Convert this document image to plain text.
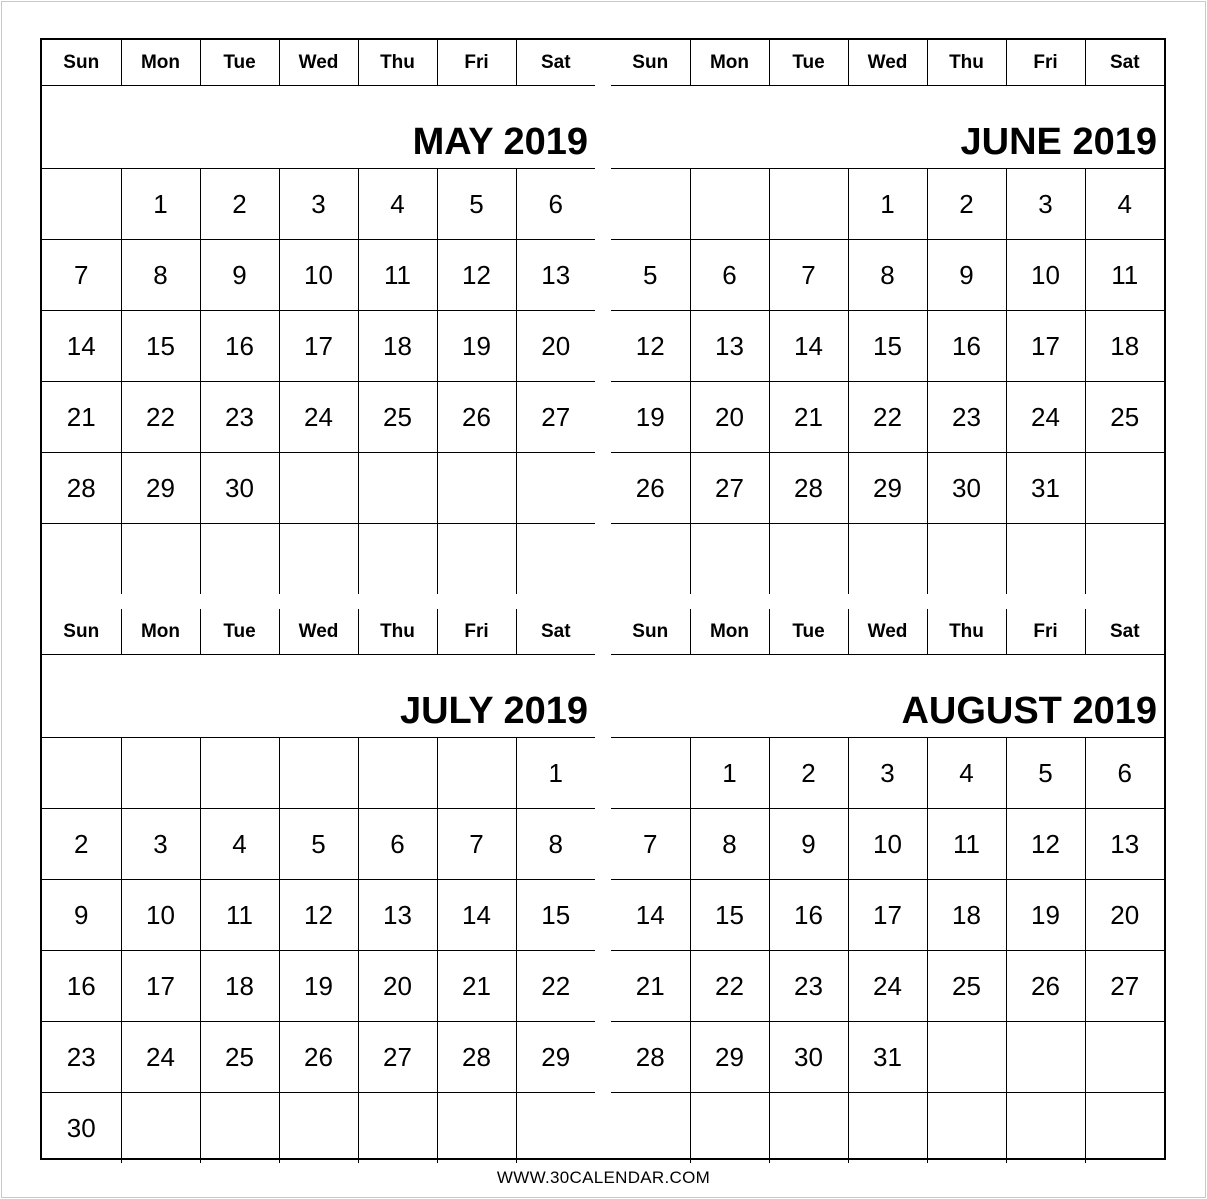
Sun	Mon	Tue	Wed	Thu	Fri	Sat
MAY 2019						
	1	2	3	4	5	6
7	8	9	10	11	12	13
14	15	16	17	18	19	20
21	22	23	24	25	26	27
28	29	30				

Sun	Mon	Tue	Wed	Thu	Fri	Sat
JUNE 2019						
			1	2	3	4
5	6	7	8	9	10	11
12	13	14	15	16	17	18
19	20	21	22	23	24	25
26	27	28	29	30	31	

Sun	Mon	Tue	Wed	Thu	Fri	Sat
JULY 2019						
						1
2	3	4	5	6	7	8
9	10	11	12	13	14	15
16	17	18	19	20	21	22
23	24	25	26	27	28	29
30						
Sun	Mon	Tue	Wed	Thu	Fri	Sat
AUGUST 2019						
	1	2	3	4	5	6
7	8	9	10	11	12	13
14	15	16	17	18	19	20
21	22	23	24	25	26	27
28	29	30	31			

WWW.30CALENDAR.COM
